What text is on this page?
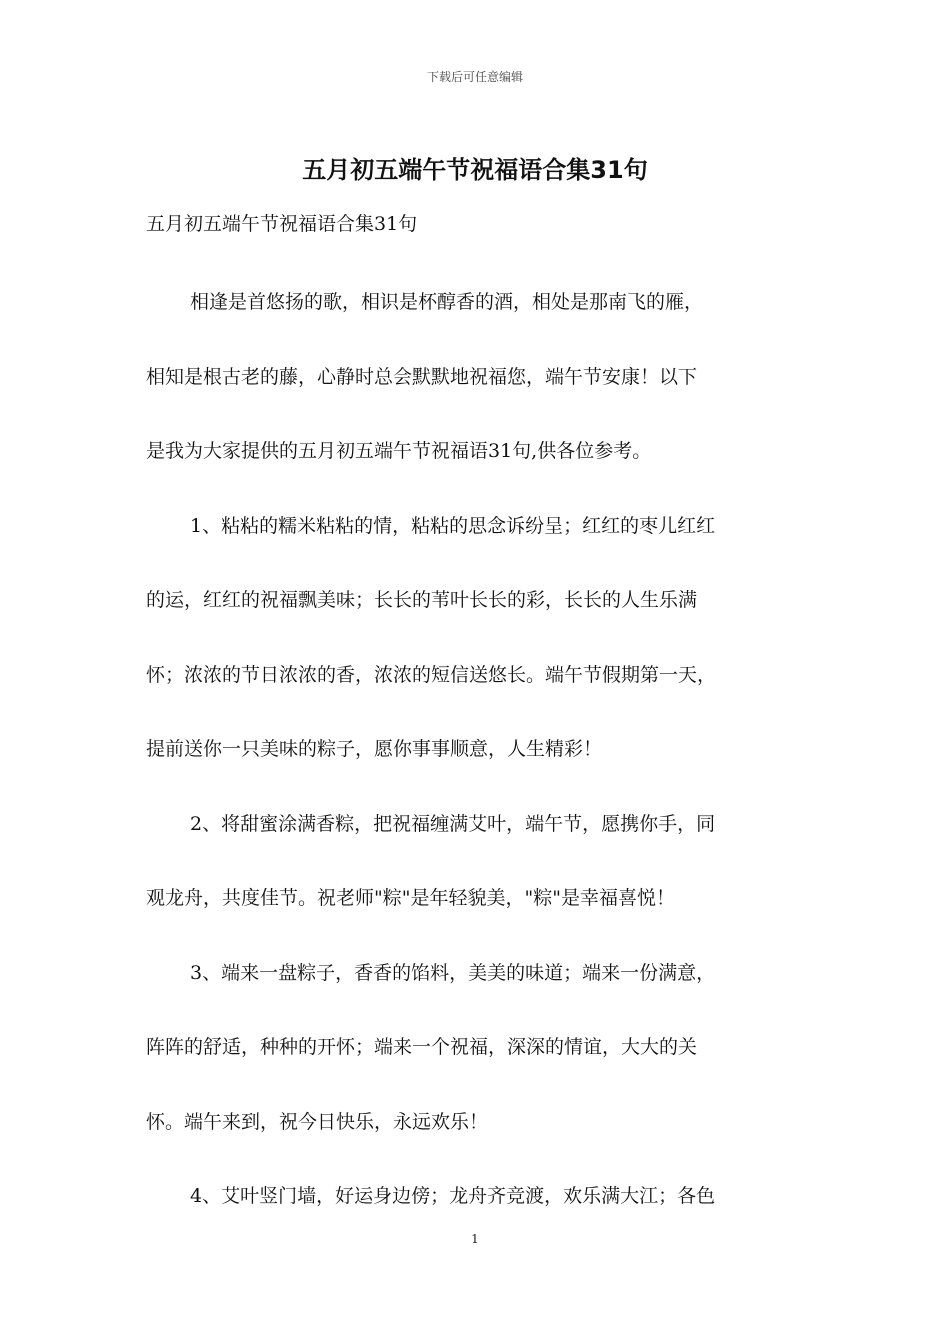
下载后可任意编辑
五月初五端午节祝福语合集31句
五月初五端午节祝福语合集31句
相逢是首悠扬的歌，相识是杯醇香的酒，相处是那南飞的雁，
相知是根古老的藤，心静时总会默默地祝福您，端午节安康！以下
是我为大家提供的五月初五端午节祝福语31句,供各位参考。
1、粘粘的糯米粘粘的情，粘粘的思念诉纷呈；红红的枣儿红红
的运，红红的祝福飘美味；长长的苇叶长长的彩，长长的人生乐满
怀；浓浓的节日浓浓的香，浓浓的短信送悠长。端午节假期第一天，
提前送你一只美味的粽子，愿你事事顺意，人生精彩！
2、将甜蜜涂满香粽，把祝福缠满艾叶，端午节，愿携你手，同
观龙舟，共度佳节。祝老师"粽"是年轻貌美，"粽"是幸福喜悦！
3、端来一盘粽子，香香的馅料，美美的味道；端来一份满意，
阵阵的舒适，种种的开怀；端来一个祝福，深深的情谊，大大的关
怀。端午来到，祝今日快乐，永远欢乐！
4、艾叶竖门墙，好运身边傍；龙舟齐竞渡，欢乐满大江；各色
1
